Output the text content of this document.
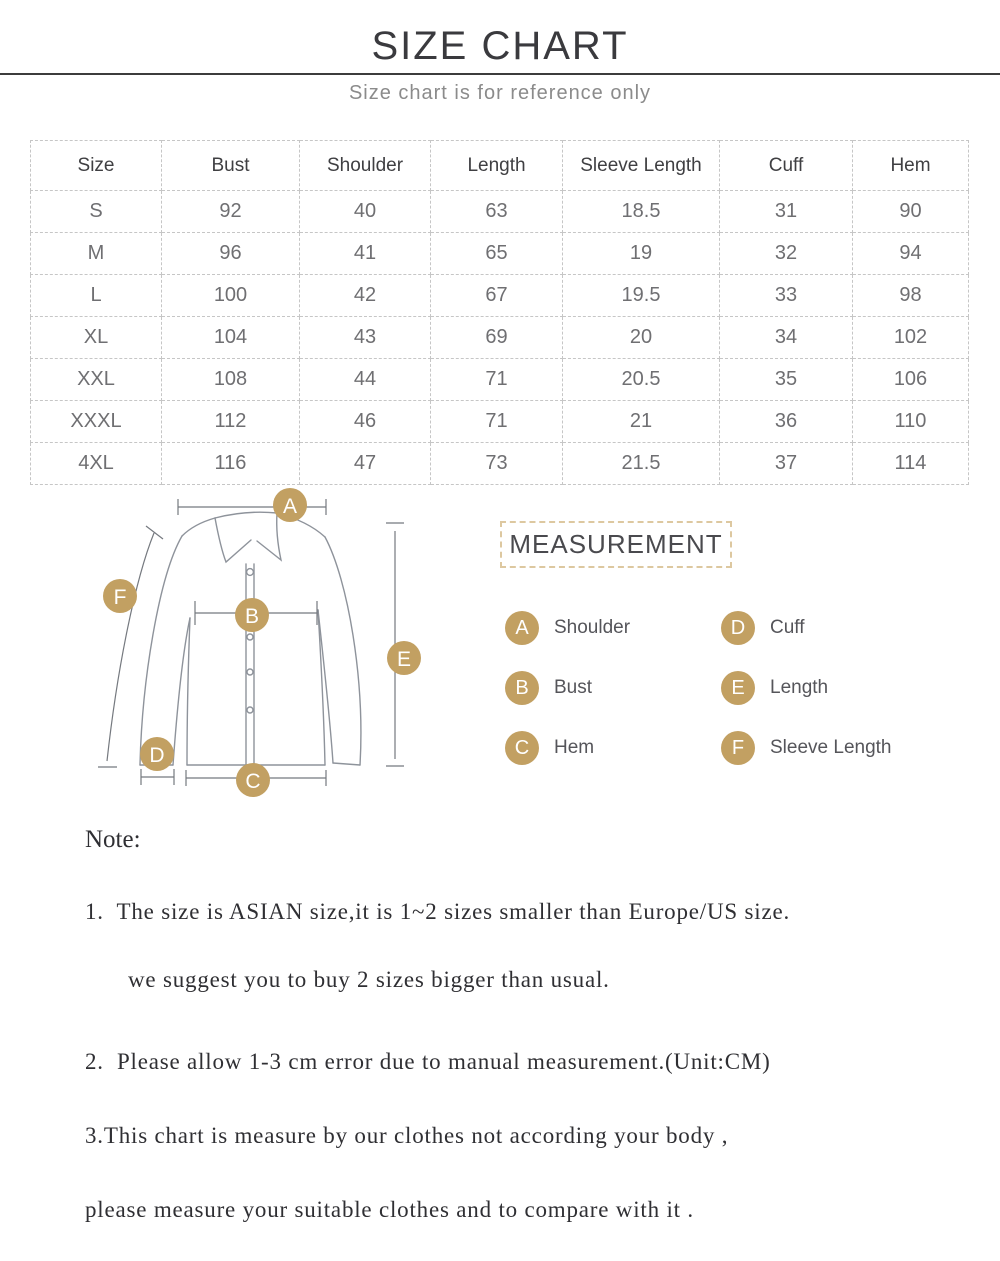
SIZE CHART
Size chart is for reference only
Size	Bust	Shoulder	Length	Sleeve Length	Cuff	Hem
S	92	40	63	18.5	31	90
M	96	41	65	19	32	94
L	100	42	67	19.5	33	98
XL	104	43	69	20	34	102
XXL	108	44	71	20.5	35	106
XXXL	112	46	71	21	36	110
4XL	116	47	73	21.5	37	114
A
B
C
D
E
F
MEASUREMENT
A	Shoulder	D	Cuff
B	Bust	E	Length
C	Hem	F	Sleeve Length

Note:

1.  The size is ASIAN size,it is 1~2 sizes smaller than Europe/US size.

we suggest you to buy 2 sizes bigger than usual.

2.  Please allow 1-3 cm error due to manual measurement.(Unit:CM)

3.This chart is measure by our clothes not according your body ,

please measure your suitable clothes and to compare with it .
